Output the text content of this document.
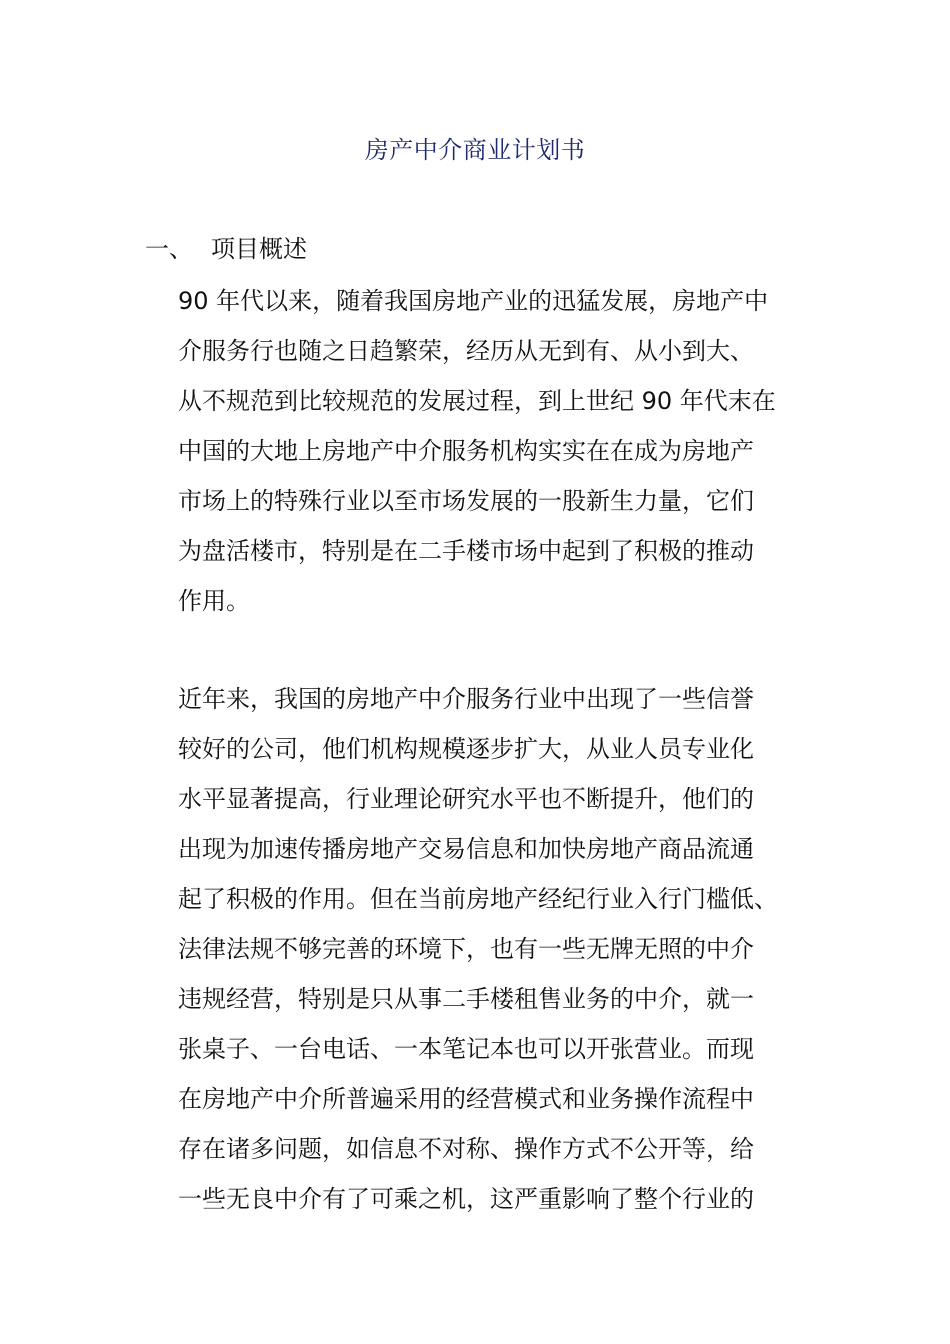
房产中介商业计划书
一、 项目概述
90 年代以来，随着我国房地产业的迅猛发展，房地产中
介服务行也随之日趋繁荣，经历从无到有、从小到大、
从不规范到比较规范的发展过程，到上世纪 90 年代末在
中国的大地上房地产中介服务机构实实在在成为房地产
市场上的特殊行业以至市场发展的一股新生力量，它们
为盘活楼市，特别是在二手楼市场中起到了积极的推动
作用。
近年来，我国的房地产中介服务行业中出现了一些信誉
较好的公司，他们机构规模逐步扩大，从业人员专业化
水平显著提高，行业理论研究水平也不断提升，他们的
出现为加速传播房地产交易信息和加快房地产商品流通
起了积极的作用。但在当前房地产经纪行业入行门槛低、
法律法规不够完善的环境下，也有一些无牌无照的中介
违规经营，特别是只从事二手楼租售业务的中介，就一
张桌子、一台电话、一本笔记本也可以开张营业。而现
在房地产中介所普遍采用的经营模式和业务操作流程中
存在诸多问题，如信息不对称、操作方式不公开等，给
一些无良中介有了可乘之机，这严重影响了整个行业的
